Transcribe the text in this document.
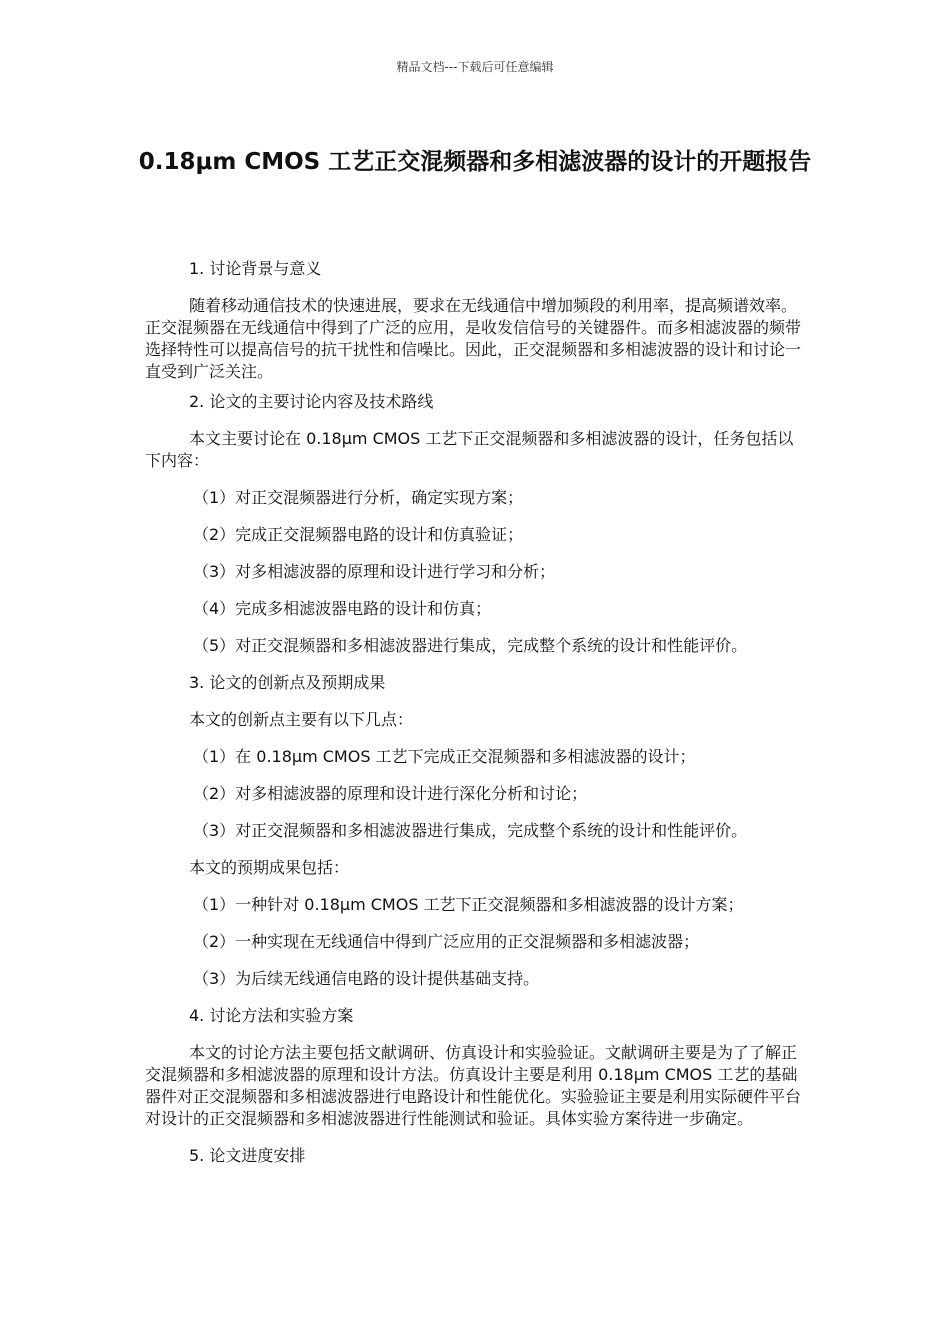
精品文档---下载后可任意编辑
0.18μm CMOS 工艺正交混频器和多相滤波器的设计的开题报告

1. 讨论背景与意义

随着移动通信技术的快速进展，要求在无线通信中增加频段的利用率，提高频谱效率。正交混频器在无线通信中得到了广泛的应用，是收发信信号的关键器件。而多相滤波器的频带选择特性可以提高信号的抗干扰性和信噪比。因此，正交混频器和多相滤波器的设计和讨论一直受到广泛关注。

2. 论文的主要讨论内容及技术路线

本文主要讨论在 0.18μm CMOS 工艺下正交混频器和多相滤波器的设计，任务包括以下内容：

（1）对正交混频器进行分析，确定实现方案；

（2）完成正交混频器电路的设计和仿真验证；

（3）对多相滤波器的原理和设计进行学习和分析；

（4）完成多相滤波器电路的设计和仿真；

（5）对正交混频器和多相滤波器进行集成，完成整个系统的设计和性能评价。

3. 论文的创新点及预期成果

本文的创新点主要有以下几点：

（1）在 0.18μm CMOS 工艺下完成正交混频器和多相滤波器的设计；

（2）对多相滤波器的原理和设计进行深化分析和讨论；

（3）对正交混频器和多相滤波器进行集成，完成整个系统的设计和性能评价。

本文的预期成果包括：

（1）一种针对 0.18μm CMOS 工艺下正交混频器和多相滤波器的设计方案；

（2）一种实现在无线通信中得到广泛应用的正交混频器和多相滤波器；

（3）为后续无线通信电路的设计提供基础支持。

4. 讨论方法和实验方案

本文的讨论方法主要包括文献调研、仿真设计和实验验证。文献调研主要是为了了解正交混频器和多相滤波器的原理和设计方法。仿真设计主要是利用 0.18μm CMOS 工艺的基础器件对正交混频器和多相滤波器进行电路设计和性能优化。实验验证主要是利用实际硬件平台对设计的正交混频器和多相滤波器进行性能测试和验证。具体实验方案待进一步确定。

5. 论文进度安排
